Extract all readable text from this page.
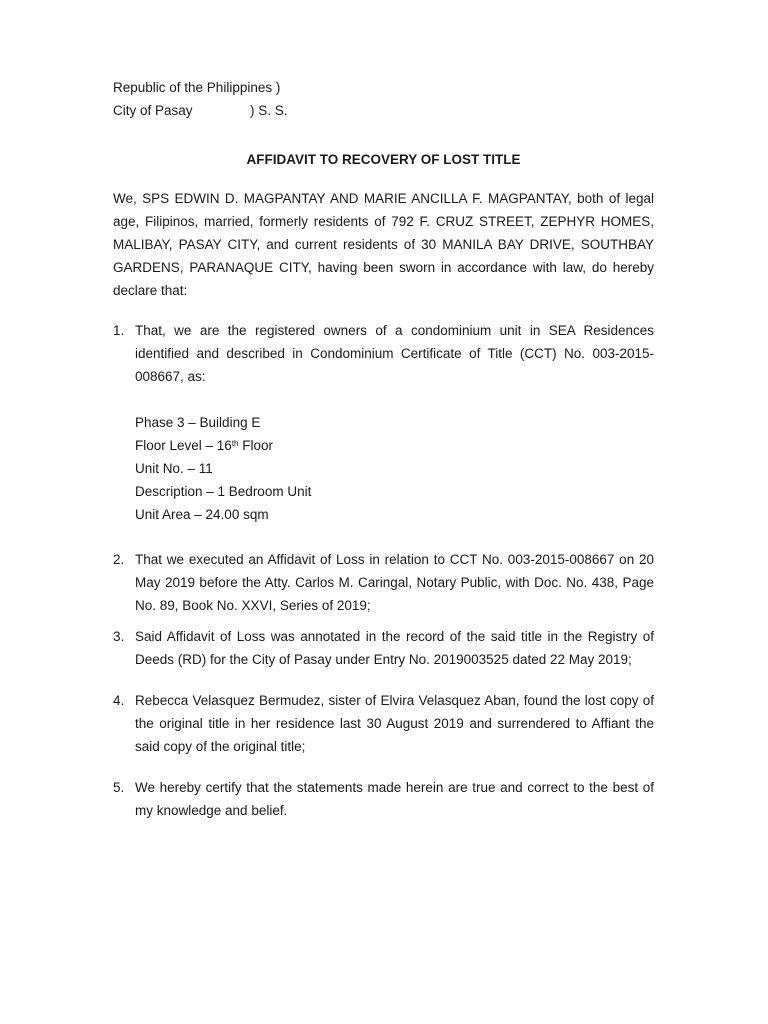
Republic of the Philippines )
City of Pasay	) S. S.
AFFIDAVIT TO RECOVERY OF LOST TITLE
We, SPS EDWIN D. MAGPANTAY AND MARIE ANCILLA F. MAGPANTAY, both of legal age, Filipinos, married, formerly residents of 792 F. CRUZ STREET, ZEPHYR HOMES, MALIBAY, PASAY CITY, and current residents of 30 MANILA BAY DRIVE, SOUTHBAY GARDENS, PARANAQUE CITY, having been sworn in accordance with law, do hereby declare that:
1. That, we are the registered owners of a condominium unit in SEA Residences identified and described in Condominium Certificate of Title (CCT) No. 003-2015-008667, as:
Phase 3 – Building E
Floor Level – 16th Floor
Unit No. – 11
Description – 1 Bedroom Unit
Unit Area – 24.00 sqm
2. That we executed an Affidavit of Loss in relation to CCT No. 003-2015-008667 on 20 May 2019 before the Atty. Carlos M. Caringal, Notary Public, with Doc. No. 438, Page No. 89, Book No. XXVI, Series of 2019;
3. Said Affidavit of Loss was annotated in the record of the said title in the Registry of Deeds (RD) for the City of Pasay under Entry No. 2019003525 dated 22 May 2019;
4. Rebecca Velasquez Bermudez, sister of Elvira Velasquez Aban, found the lost copy of the original title in her residence last 30 August 2019 and surrendered to Affiant the said copy of the original title;
5. We hereby certify that the statements made herein are true and correct to the best of my knowledge and belief.
